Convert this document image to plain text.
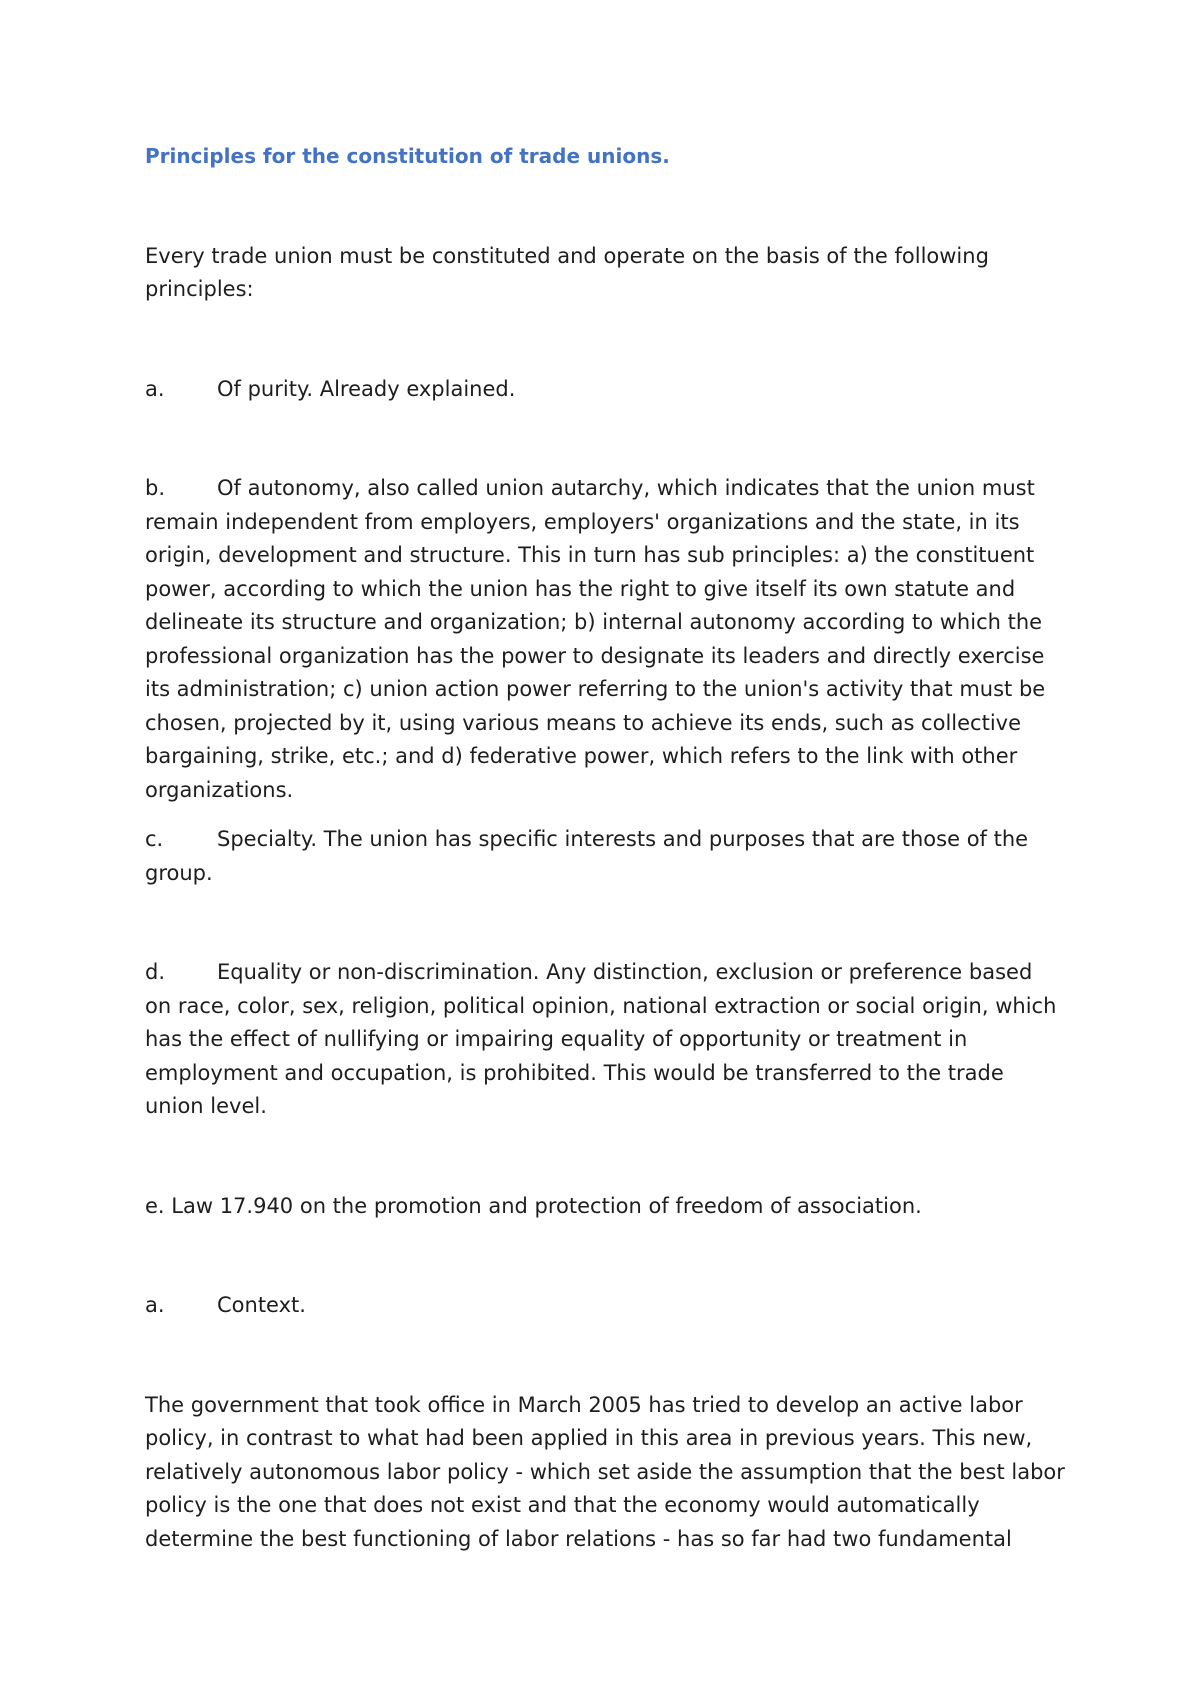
Principles for the constitution of trade unions.

Every trade union must be constituted and operate on the basis of the following principles:

a. Of purity. Already explained.

b. Of autonomy, also called union autarchy, which indicates that the union must remain independent from employers, employers' organizations and the state, in its origin, development and structure. This in turn has sub principles: a) the constituent power, according to which the union has the right to give itself its own statute and delineate its structure and organization; b) internal autonomy according to which the professional organization has the power to designate its leaders and directly exercise its administration; c) union action power referring to the union's activity that must be chosen, projected by it, using various means to achieve its ends, such as collective bargaining, strike, etc.; and d) federative power, which refers to the link with other organizations.

c.	Specialty. The union has specific interests and purposes that are those of the group.

d. Equality or non-discrimination. Any distinction, exclusion or preference based on race, color, sex, religion, political opinion, national extraction or social origin, which has the effect of nullifying or impairing equality of opportunity or treatment in employment and occupation, is prohibited. This would be transferred to the trade union level.

e. Law 17.940 on the promotion and protection of freedom of association.

a. Context.

The government that took office in March 2005 has tried to develop an active labor policy, in contrast to what had been applied in this area in previous years. This new, relatively autonomous labor policy - which set aside the assumption that the best labor policy is the one that does not exist and that the economy would automatically determine the best functioning of labor relations - has so far had two fundamental
